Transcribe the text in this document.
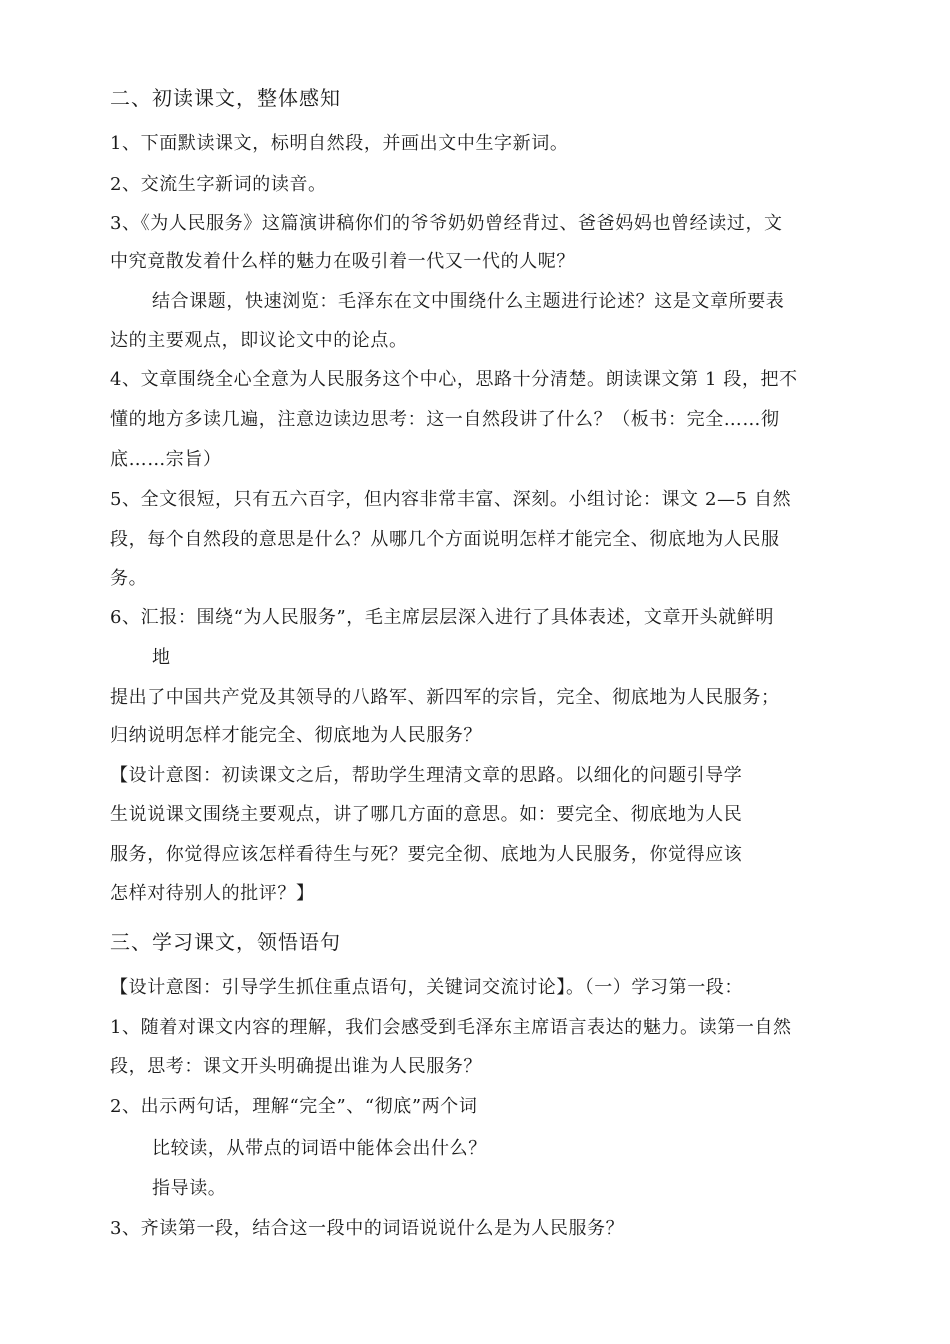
二、初读课文，整体感知
1、下面默读课文，标明自然段，并画出文中生字新词。
2、交流生字新词的读音。
3、《为人民服务》这篇演讲稿你们的爷爷奶奶曾经背过、爸爸妈妈也曾经读过，文
中究竟散发着什么样的魅力在吸引着一代又一代的人呢？
结合课题，快速浏览：毛泽东在文中围绕什么主题进行论述？这是文章所要表
达的主要观点，即议论文中的论点。
4、文章围绕全心全意为人民服务这个中心，思路十分清楚。朗读课文第 1 段，把不
懂的地方多读几遍，注意边读边思考：这一自然段讲了什么？（板书：完全……彻
底……宗旨）
5、全文很短，只有五六百字，但内容非常丰富、深刻。小组讨论：课文 2—5 自然
段，每个自然段的意思是什么？从哪几个方面说明怎样才能完全、彻底地为人民服
务。
6、汇报：围绕“为人民服务”，毛主席层层深入进行了具体表述，文章开头就鲜明
地
提出了中国共产党及其领导的八路军、新四军的宗旨，完全、彻底地为人民服务；
归纳说明怎样才能完全、彻底地为人民服务？
【设计意图：初读课文之后，帮助学生理清文章的思路。以细化的问题引导学
生说说课文围绕主要观点，讲了哪几方面的意思。如：要完全、彻底地为人民
服务，你觉得应该怎样看待生与死？要完全彻、底地为人民服务，你觉得应该
怎样对待别人的批评？】
三、学习课文，领悟语句
【设计意图：引导学生抓住重点语句，关键词交流讨论】。（一）学习第一段：
1、随着对课文内容的理解，我们会感受到毛泽东主席语言表达的魅力。读第一自然
段，思考：课文开头明确提出谁为人民服务？
2、出示两句话，理解“完全”、“彻底”两个词
比较读，从带点的词语中能体会出什么？
指导读。
3、齐读第一段，结合这一段中的词语说说什么是为人民服务？
